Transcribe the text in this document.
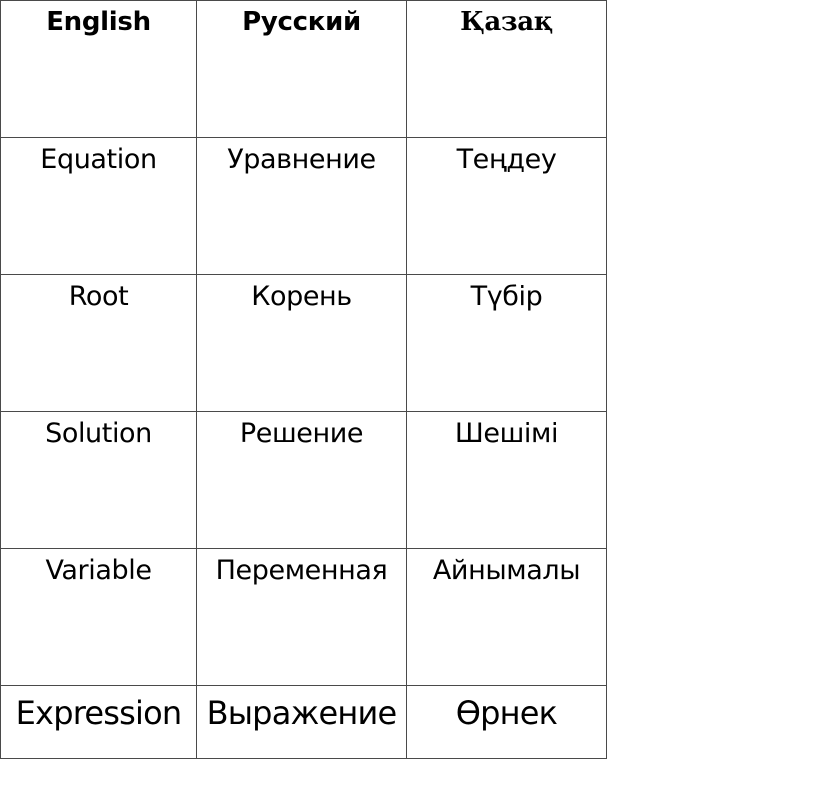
English	Русский	Қазақ

Equation	Уравнение	Теңдеу

Root	Корень	Түбір

Solution	Решение	Шешімі

Variable	Переменная	Айнымалы

Expression	Выражение	Өрнек
